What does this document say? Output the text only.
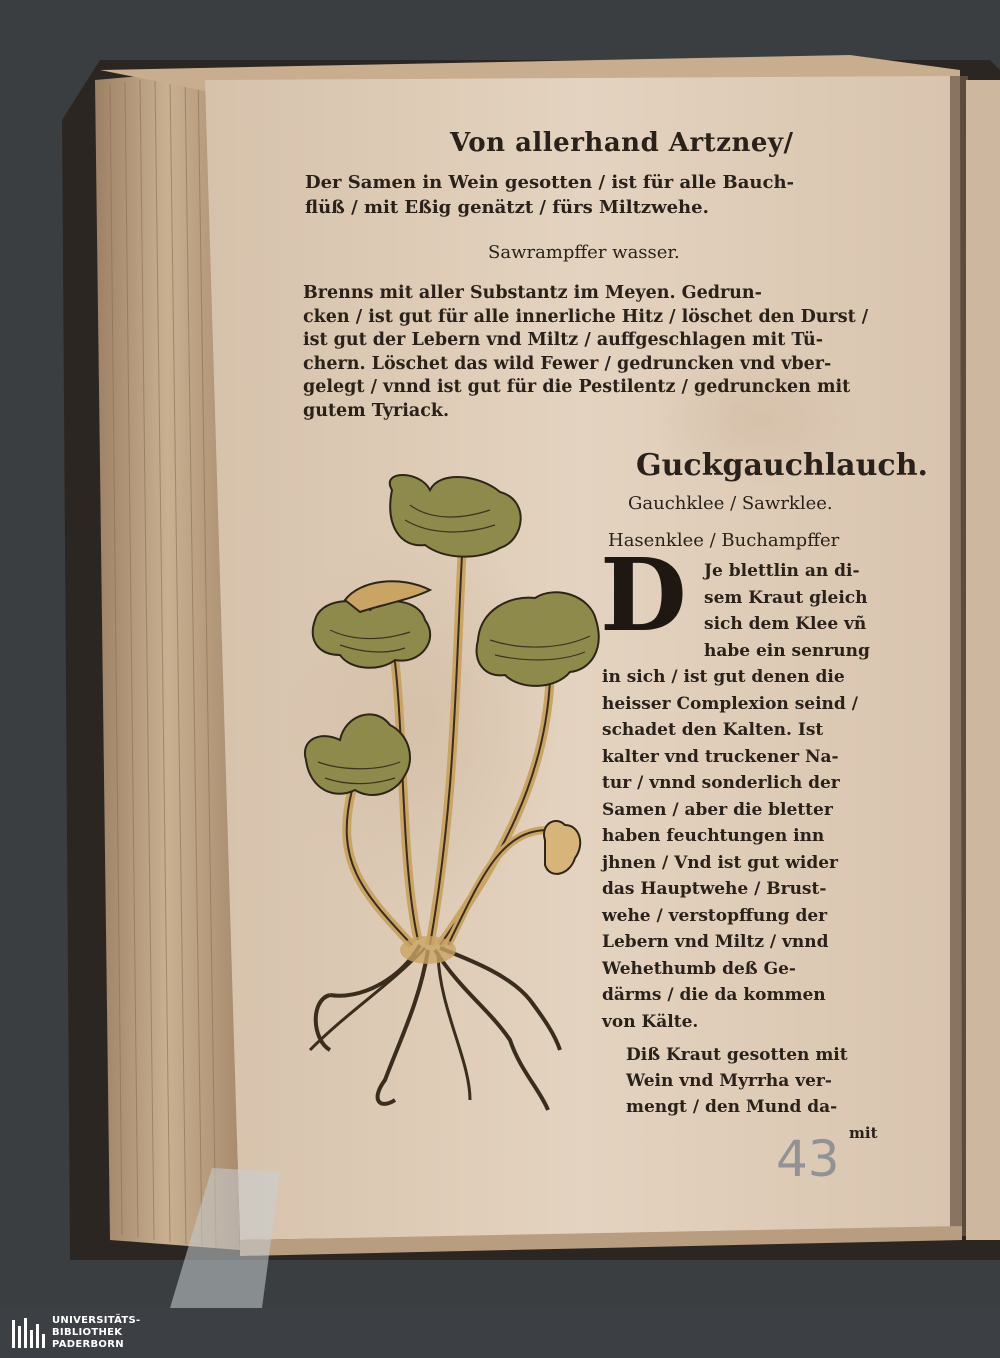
Von allerhand Artzney/

Der Samen in Wein gesotten / ist für alle Bauch-
flüß / mit Eßig genätzt / fürs Miltzwehe.

Sawrampffer wasser.

Brenns mit aller Substantz im Meyen. Gedrun-
cken / ist gut für alle innerliche Hitz / löschet den Durst /
ist gut der Lebern vnd Miltz / auffgeschlagen mit Tü-
chern. Löschet das wild Fewer / gedruncken vnd vber-
gelegt / vnnd ist gut für die Pestilentz / gedruncken mit
gutem Tyriack.

Guckgauchlauch.

Gauchklee / Sawrklee.

Hasenklee / Buchampffer

D Je blettlin an di-
sem Kraut gleich
sich dem Klee vñ
habe ein senrung

in sich / ist gut denen die
heisser Complexion seind /
schadet den Kalten. Ist
kalter vnd truckener Na-
tur / vnnd sonderlich der
Samen / aber die bletter
haben feuchtungen inn
jhnen / Vnd ist gut wider
das Hauptwehe / Brust-
wehe / verstopffung der
Lebern vnd Miltz / vnnd
Wehethumb deß Ge-
därms / die da kommen
von Kälte.

Diß Kraut gesotten mit
Wein vnd Myrrha ver-
mengt / den Mund da-

mit

43
UNIVERSITÄTS-
BIBLIOTHEK
PADERBORN
